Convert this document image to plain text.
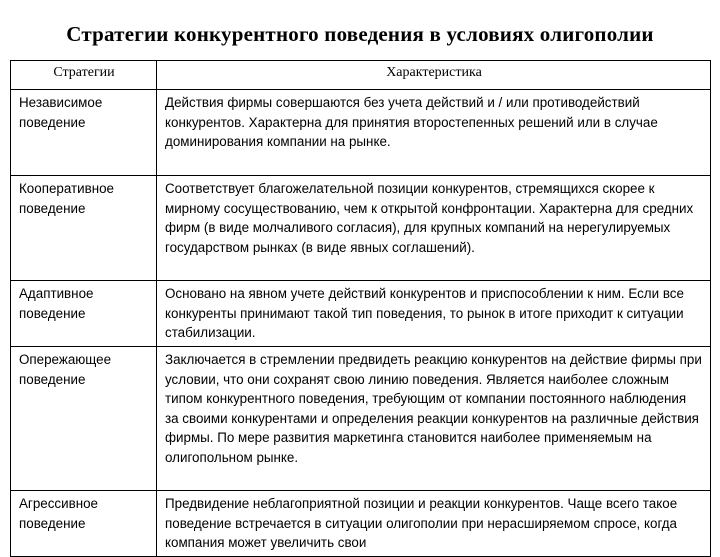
Стратегии конкурентного поведения в условиях олигополии
Стратегии	Характеристика
Независимое поведение	Действия фирмы совершаются без учета действий и / или противодействий конкурентов. Характерна для принятия второстепенных решений или в случае доминирования компании на рынке.
Кооперативное поведение	Соответствует благожелательной позиции конкурентов, стремящихся скорее к мирному сосуществованию, чем к открытой конфронтации. Характерна для средних фирм (в виде молчаливого согласия), для крупных компаний на нерегулируемых государством рынках (в виде явных соглашений).
Адаптивное поведение	Основано на явном учете действий конкурентов и приспособлении к ним. Если все конкуренты принимают такой тип поведения, то рынок в итоге приходит к ситуации стабилизации.
Опережающее поведение	Заключается в стремлении предвидеть реакцию конкурентов на действие фирмы при условии, что они сохранят свою линию поведения. Является наиболее сложным типом конкурентного поведения, требующим от компании постоянного наблюдения за своими конкурентами и определения реакции конкурентов на различные действия фирмы. По мере развития маркетинга становится наиболее применяемым на олигопольном рынке.
Агрессивное поведение	Предвидение неблагоприятной позиции и реакции конкурентов. Чаще всего такое поведение встречается в ситуации олигополии при нерасширяемом спросе, когда компания может увеличить свои
